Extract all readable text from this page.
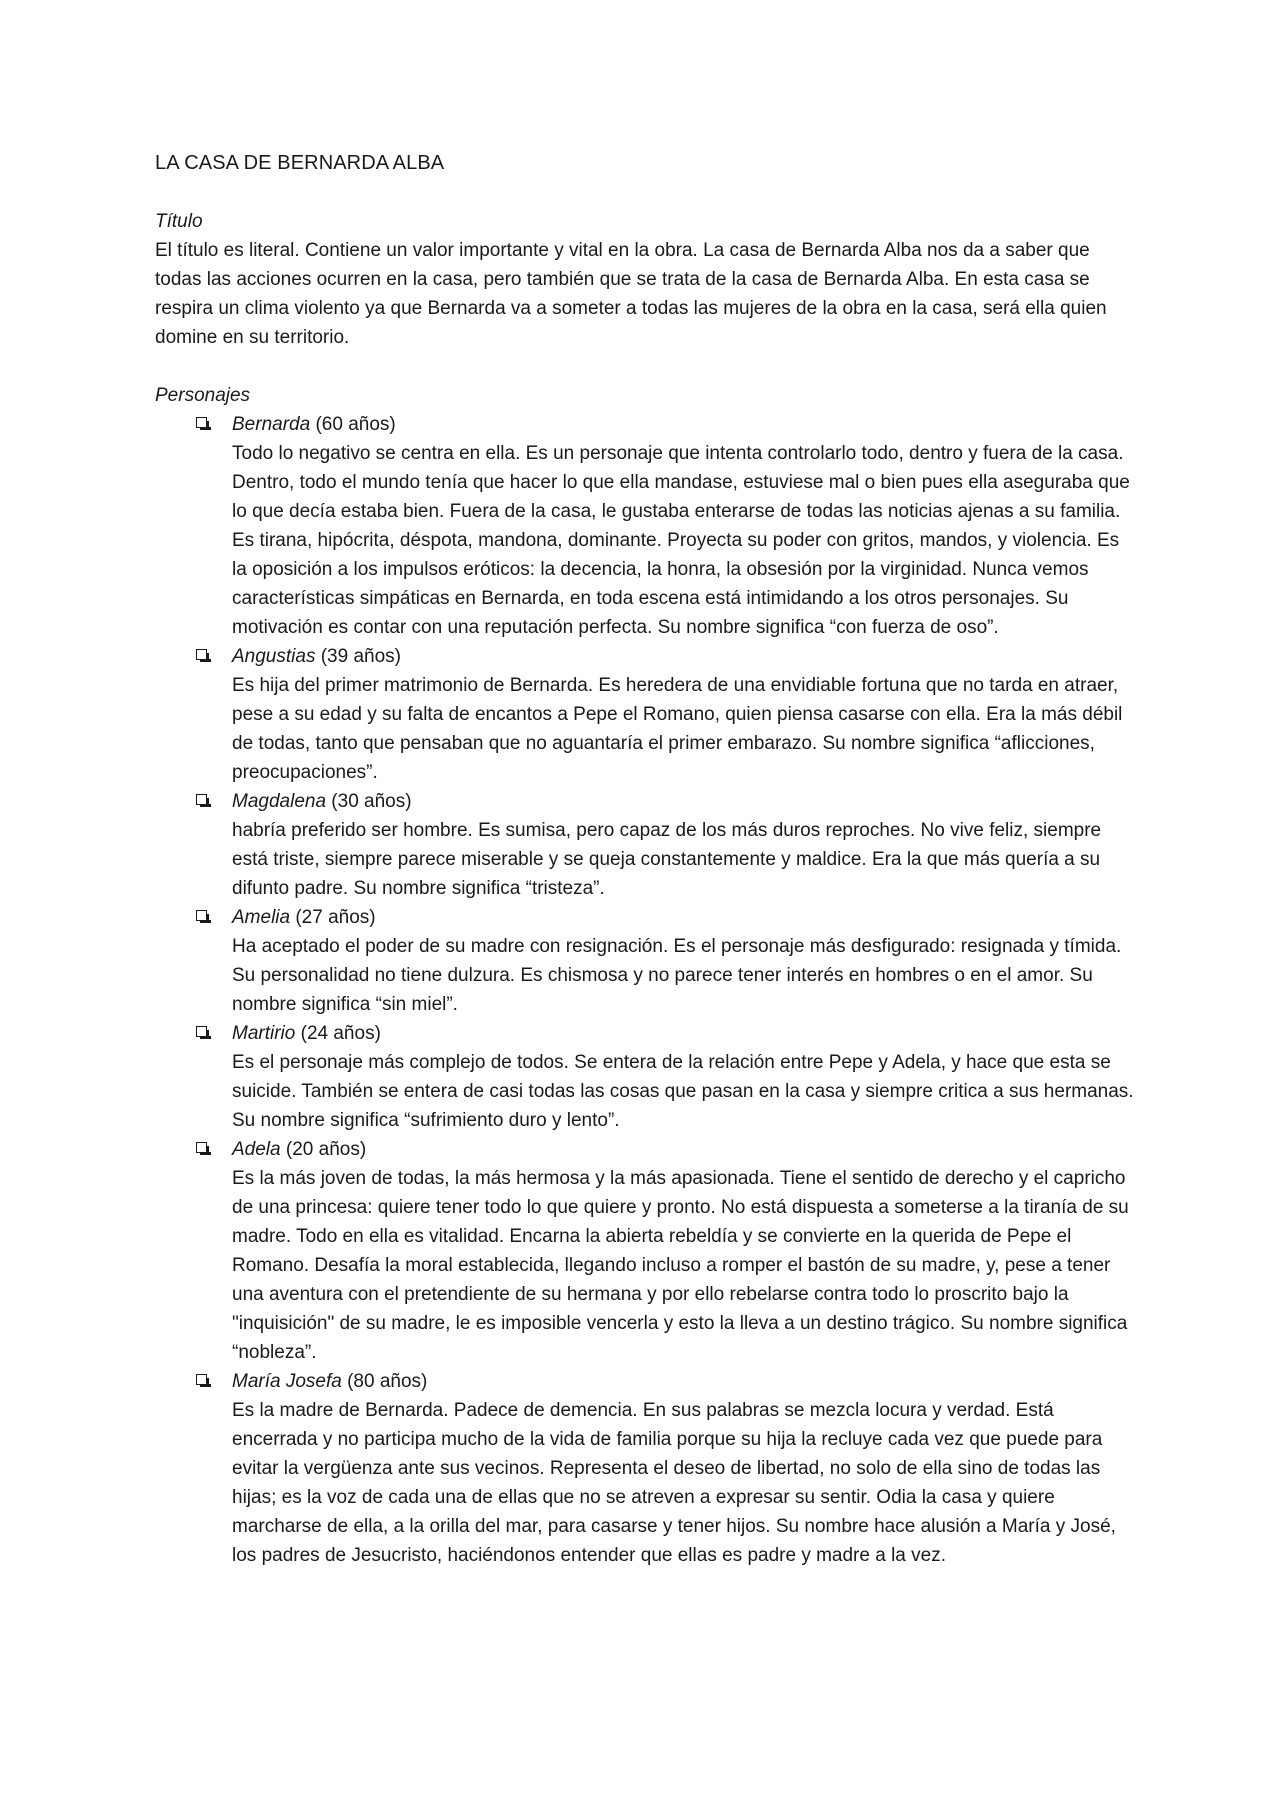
LA CASA DE BERNARDA ALBA
Título

El título es literal. Contiene un valor importante y vital en la obra. La casa de Bernarda Alba nos da a saber que todas las acciones ocurren en la casa, pero también que se trata de la casa de Bernarda Alba. En esta casa se respira un clima violento ya que Bernarda va a someter a todas las mujeres de la obra en la casa, será ella quien domine en su territorio.

Personajes
Bernarda (60 años)

Todo lo negativo se centra en ella. Es un personaje que intenta controlarlo todo, dentro y fuera de la casa. Dentro, todo el mundo tenía que hacer lo que ella mandase, estuviese mal o bien pues ella aseguraba que lo que decía estaba bien. Fuera de la casa, le gustaba enterarse de todas las noticias ajenas a su familia. Es tirana, hipócrita, déspota, mandona, dominante. Proyecta su poder con gritos, mandos, y violencia. Es la oposición a los impulsos eróticos: la decencia, la honra, la obsesión por la virginidad. Nunca vemos características simpáticas en Bernarda, en toda escena está intimidando a los otros personajes. Su motivación es contar con una reputación perfecta. Su nombre significa “con fuerza de oso”.

Angustias (39 años)

Es hija del primer matrimonio de Bernarda. Es heredera de una envidiable fortuna que no tarda en atraer, pese a su edad y su falta de encantos a Pepe el Romano, quien piensa casarse con ella. Era la más débil de todas, tanto que pensaban que no aguantaría el primer embarazo. Su nombre significa “aflicciones, preocupaciones”.

Magdalena (30 años)

habría preferido ser hombre. Es sumisa, pero capaz de los más duros reproches. No vive feliz, siempre está triste, siempre parece miserable y se queja constantemente y maldice. Era la que más quería a su difunto padre. Su nombre significa “tristeza”.

Amelia (27 años)

Ha aceptado el poder de su madre con resignación. Es el personaje más desfigurado: resignada y tímida. Su personalidad no tiene dulzura. Es chismosa y no parece tener interés en hombres o en el amor. Su nombre significa “sin miel”.

Martirio (24 años)

Es el personaje más complejo de todos. Se entera de la relación entre Pepe y Adela, y hace que esta se suicide. También se entera de casi todas las cosas que pasan en la casa y siempre critica a sus hermanas. Su nombre significa “sufrimiento duro y lento”.

Adela (20 años)

Es la más joven de todas, la más hermosa y la más apasionada. Tiene el sentido de derecho y el capricho de una princesa: quiere tener todo lo que quiere y pronto. No está dispuesta a someterse a la tiranía de su madre. Todo en ella es vitalidad. Encarna la abierta rebeldía y se convierte en la querida de Pepe el Romano. Desafía la moral establecida, llegando incluso a romper el bastón de su madre, y, pese a tener una aventura con el pretendiente de su hermana y por ello rebelarse contra todo lo proscrito bajo la "inquisición" de su madre, le es imposible vencerla y esto la lleva a un destino trágico. Su nombre significa “nobleza”.

María Josefa (80 años)

Es la madre de Bernarda. Padece de demencia. En sus palabras se mezcla locura y verdad. Está encerrada y no participa mucho de la vida de familia porque su hija la recluye cada vez que puede para evitar la vergüenza ante sus vecinos. Representa el deseo de libertad, no solo de ella sino de todas las hijas; es la voz de cada una de ellas que no se atreven a expresar su sentir. Odia la casa y quiere marcharse de ella, a la orilla del mar, para casarse y tener hijos. Su nombre hace alusión a María y José, los padres de Jesucristo, haciéndonos entender que ellas es padre y madre a la vez.
